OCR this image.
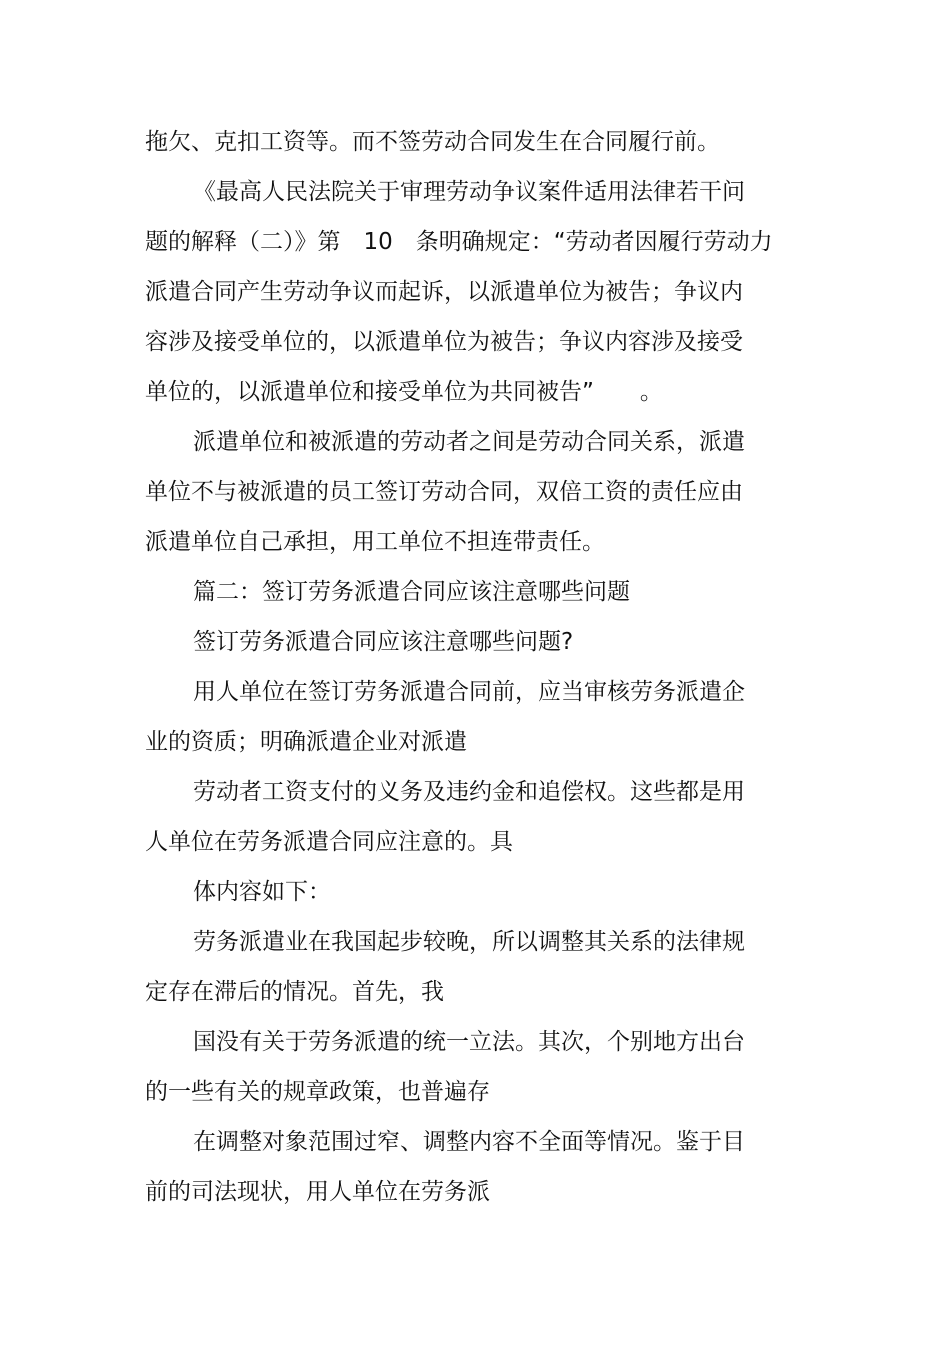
拖欠、克扣工资等。而不签劳动合同发生在合同履行前。
《最高人民法院关于审理劳动争议案件适用法律若干问
题的解释（二）》第　10　条明确规定：“劳动者因履行劳动力
派遣合同产生劳动争议而起诉，以派遣单位为被告；争议内
容涉及接受单位的，以派遣单位为被告；争议内容涉及接受
单位的，以派遣单位和接受单位为共同被告”　　。
派遣单位和被派遣的劳动者之间是劳动合同关系，派遣
单位不与被派遣的员工签订劳动合同，双倍工资的责任应由
派遣单位自己承担，用工单位不担连带责任。
篇二：签订劳务派遣合同应该注意哪些问题
签订劳务派遣合同应该注意哪些问题?
用人单位在签订劳务派遣合同前，应当审核劳务派遣企
业的资质；明确派遣企业对派遣
劳动者工资支付的义务及违约金和追偿权。这些都是用
人单位在劳务派遣合同应注意的。具
体内容如下：
劳务派遣业在我国起步较晚，所以调整其关系的法律规
定存在滞后的情况。首先，我
国没有关于劳务派遣的统一立法。其次，个别地方出台
的一些有关的规章政策，也普遍存
在调整对象范围过窄、调整内容不全面等情况。鉴于目
前的司法现状，用人单位在劳务派
